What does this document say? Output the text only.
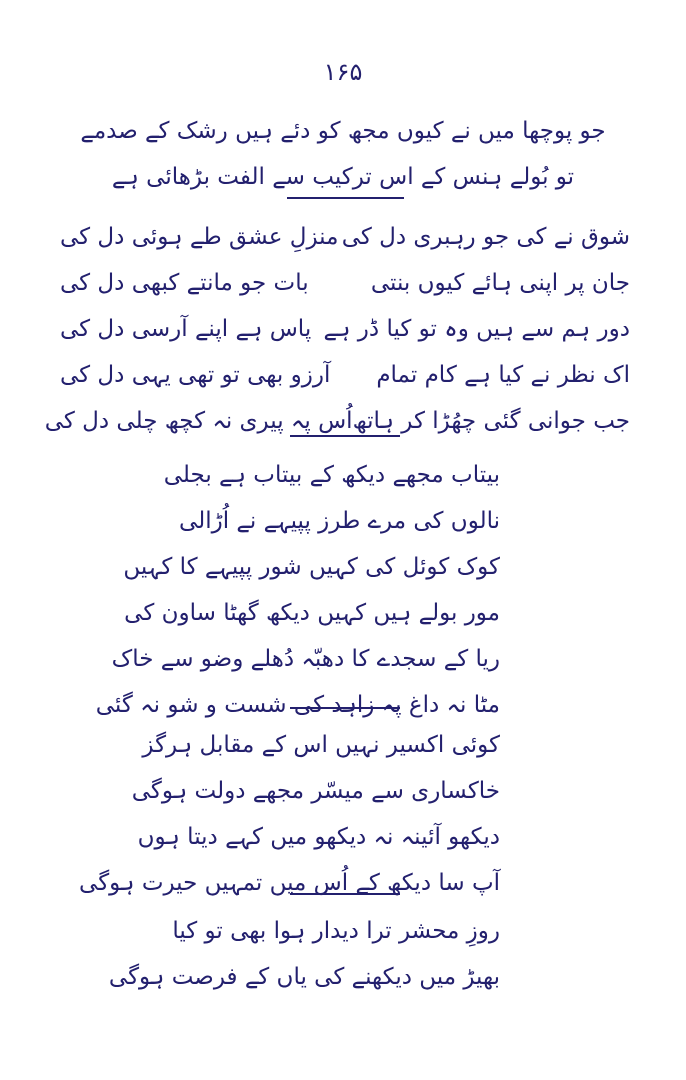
۱۶۵
جو پوچھا میں نے کیوں مجھ کو دئے ہیں رشک کے صدمے
تو بُولے ہنس کے اس ترکیب سے الفت بڑھائی ہے
شوق نے کی جو رہبری دل کی
منزلِ عشق طے ہوئی دل کی
جان پر اپنی ہائے کیوں بنتی
بات جو مانتے کبھی دل کی
دور ہم سے ہیں وہ تو کیا ڈر ہے
پاس ہے اپنے آرسی دل کی
اک نظر نے کیا ہے کام تمام
آرزو بھی تو تھی یہی دل کی
جب جوانی گئی چھُڑا کر ہاتھ
اُس پہ پیری نہ کچھ چلی دل کی
بیتاب مجھے دیکھ کے بیتاب ہے بجلی
نالوں کی مرے طرز پپیہے نے اُڑالی
کوک کوئل کی کہیں شور پپیہے کا کہیں
مور بولے ہیں کہیں دیکھ گھٹا ساون کی
ریا کے سجدے کا دھبّہ دُھلے وضو سے خاک
مٹا نہ داغ پہ زاہد کی شست و شو نہ گئی
کوئی اکسیر نہیں اس کے مقابل ہرگز
خاکساری سے میسّر مجھے دولت ہوگی
دیکھو آئینہ نہ دیکھو میں کہے دیتا ہوں
آپ سا دیکھ کے اُس میں تمہیں حیرت ہوگی
روزِ محشر ترا دیدار ہوا بھی تو کیا
بھیڑ میں دیکھنے کی یاں کے فرصت ہوگی
